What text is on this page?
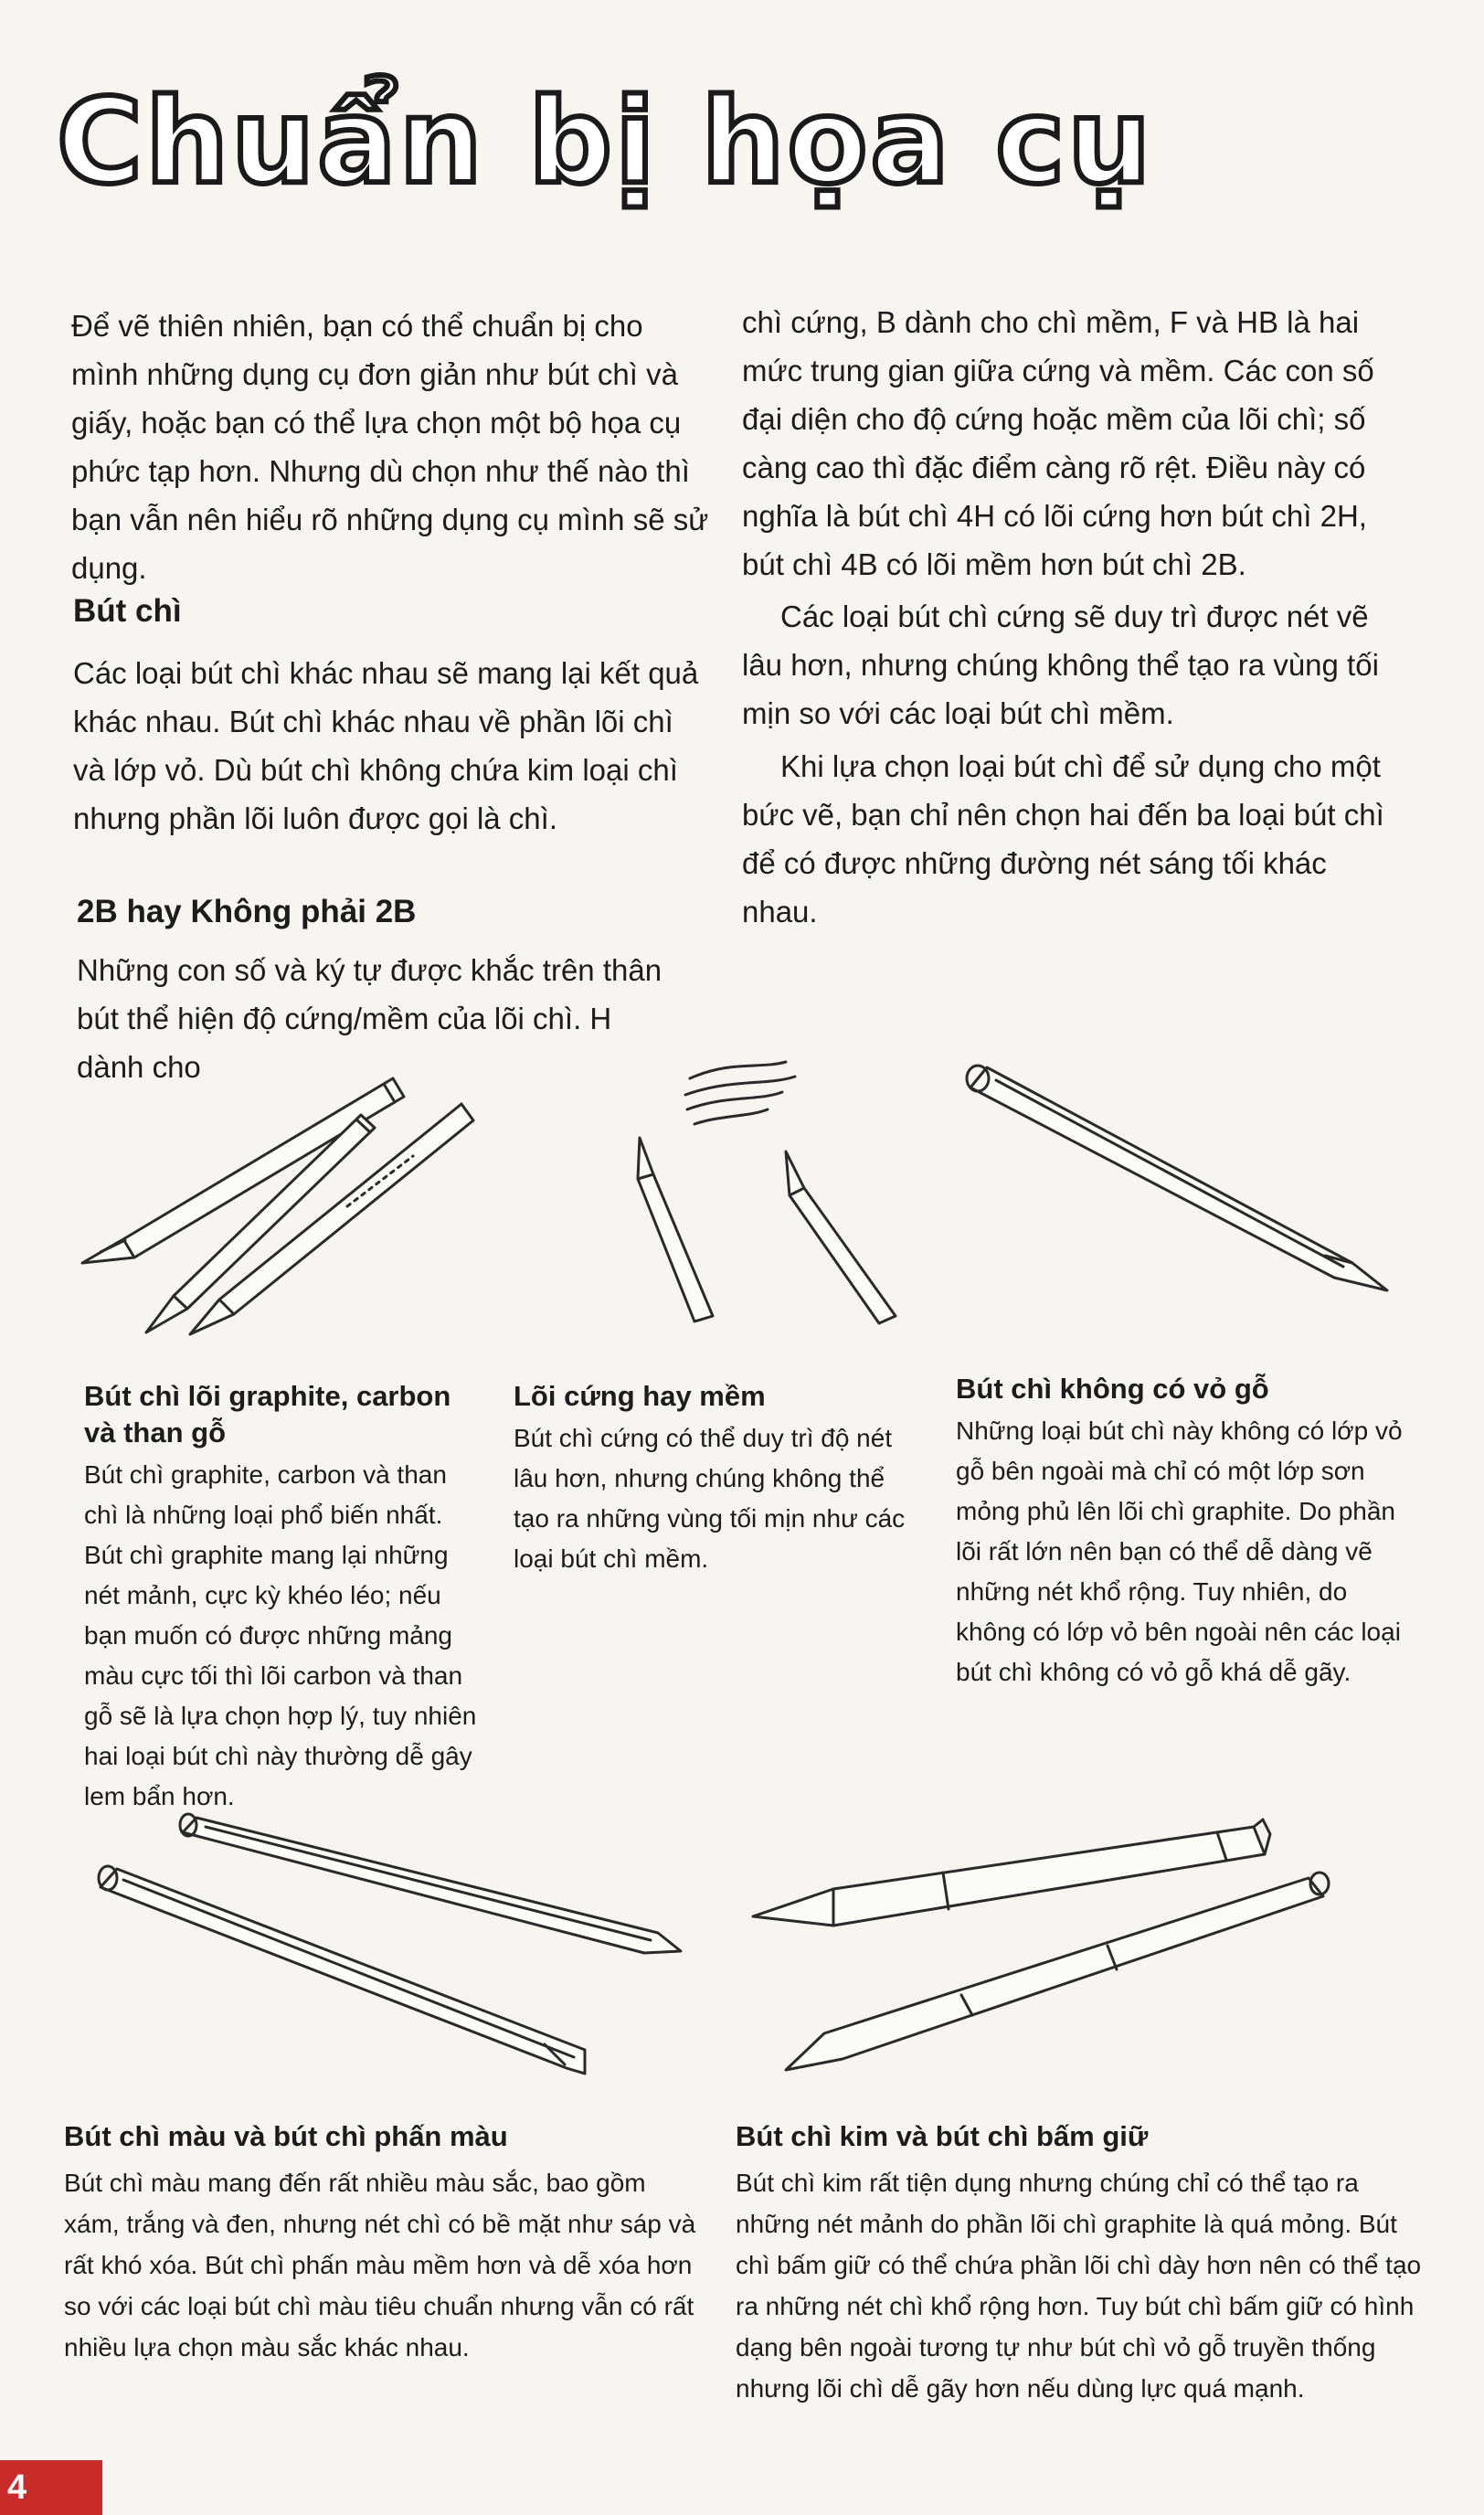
Chuẩn bị họa cụ

Để vẽ thiên nhiên, bạn có thể chuẩn bị cho mình những dụng cụ đơn giản như bút chì và giấy, hoặc bạn có thể lựa chọn một bộ họa cụ phức tạp hơn. Nhưng dù chọn như thế nào thì bạn vẫn nên hiểu rõ những dụng cụ mình sẽ sử dụng.

Bút chì

Các loại bút chì khác nhau sẽ mang lại kết quả khác nhau. Bút chì khác nhau về phần lõi chì và lớp vỏ. Dù bút chì không chứa kim loại chì nhưng phần lõi luôn được gọi là chì.

2B hay Không phải 2B

Những con số và ký tự được khắc trên thân bút thể hiện độ cứng/mềm của lõi chì. H dành cho

chì cứng, B dành cho chì mềm, F và HB là hai mức trung gian giữa cứng và mềm. Các con số đại diện cho độ cứng hoặc mềm của lõi chì; số càng cao thì đặc điểm càng rõ rệt. Điều này có nghĩa là bút chì 4H có lõi cứng hơn bút chì 2H, bút chì 4B có lõi mềm hơn bút chì 2B.

Các loại bút chì cứng sẽ duy trì được nét vẽ lâu hơn, nhưng chúng không thể tạo ra vùng tối mịn so với các loại bút chì mềm.

Khi lựa chọn loại bút chì để sử dụng cho một bức vẽ, bạn chỉ nên chọn hai đến ba loại bút chì để có được những đường nét sáng tối khác nhau.

Bút chì lõi graphite, carbon và than gỗ

Bút chì graphite, carbon và than chì là những loại phổ biến nhất. Bút chì graphite mang lại những nét mảnh, cực kỳ khéo léo; nếu bạn muốn có được những mảng màu cực tối thì lõi carbon và than gỗ sẽ là lựa chọn hợp lý, tuy nhiên hai loại bút chì này thường dễ gây lem bẩn hơn.

Lõi cứng hay mềm

Bút chì cứng có thể duy trì độ nét lâu hơn, nhưng chúng không thể tạo ra những vùng tối mịn như các loại bút chì mềm.

Bút chì không có vỏ gỗ

Những loại bút chì này không có lớp vỏ gỗ bên ngoài mà chỉ có một lớp sơn mỏng phủ lên lõi chì graphite. Do phần lõi rất lớn nên bạn có thể dễ dàng vẽ những nét khổ rộng. Tuy nhiên, do không có lớp vỏ bên ngoài nên các loại bút chì không có vỏ gỗ khá dễ gãy.

Bút chì màu và bút chì phấn màu

Bút chì màu mang đến rất nhiều màu sắc, bao gồm xám, trắng và đen, nhưng nét chì có bề mặt như sáp và rất khó xóa. Bút chì phấn màu mềm hơn và dễ xóa hơn so với các loại bút chì màu tiêu chuẩn nhưng vẫn có rất nhiều lựa chọn màu sắc khác nhau.

Bút chì kim và bút chì bấm giữ

Bút chì kim rất tiện dụng nhưng chúng chỉ có thể tạo ra những nét mảnh do phần lõi chì graphite là quá mỏng. Bút chì bấm giữ có thể chứa phần lõi chì dày hơn nên có thể tạo ra những nét chì khổ rộng hơn. Tuy bút chì bấm giữ có hình dạng bên ngoài tương tự như bút chì vỏ gỗ truyền thống nhưng lõi chì dễ gãy hơn nếu dùng lực quá mạnh.

4
